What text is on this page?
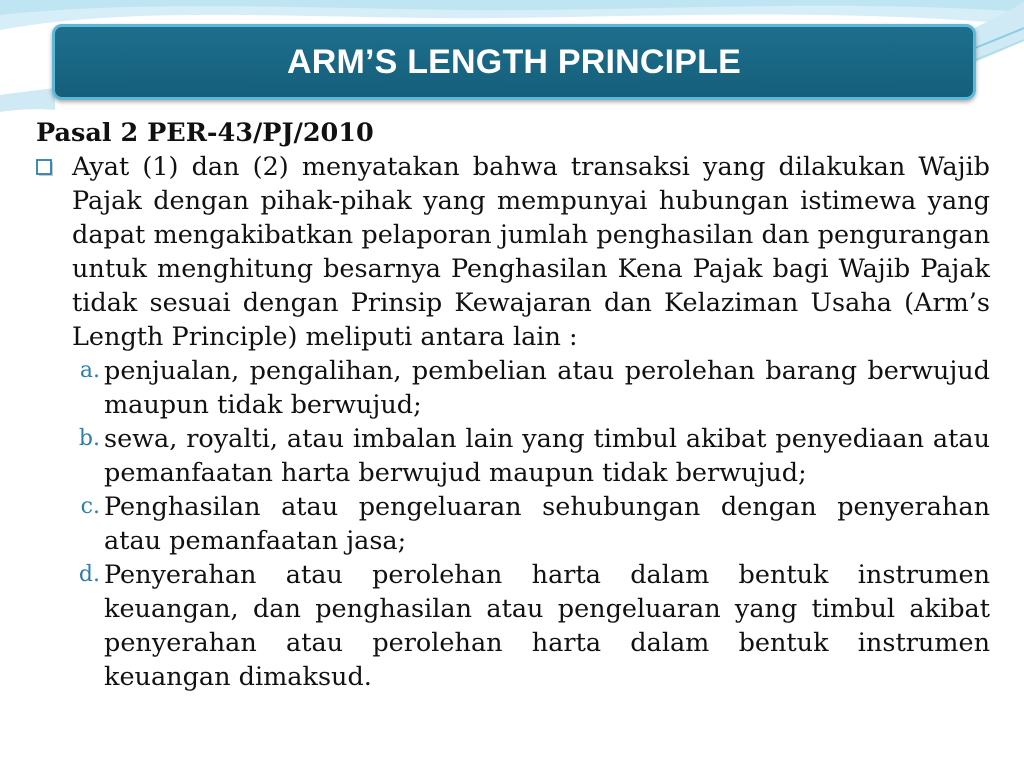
ARM’S LENGTH PRINCIPLE

Pasal 2 PER-43/PJ/2010

Ayat (1) dan (2) menyatakan bahwa transaksi yang dilakukan Wajib Pajak dengan pihak-pihak yang mempunyai hubungan istimewa yang dapat mengakibatkan pelaporan jumlah penghasilan dan pengurangan untuk menghitung besarnya Penghasilan Kena Pajak bagi Wajib Pajak tidak sesuai dengan Prinsip Kewajaran dan Kelaziman Usaha (Arm’s Length Principle) meliputi antara lain :
a. penjualan, pengalihan, pembelian atau perolehan barang berwujud maupun tidak berwujud;
b. sewa, royalti, atau imbalan lain yang timbul akibat penyediaan atau pemanfaatan harta berwujud maupun tidak berwujud;
c. Penghasilan atau pengeluaran sehubungan dengan penyerahan atau pemanfaatan jasa;
d. Penyerahan atau perolehan harta dalam bentuk instrumen keuangan, dan penghasilan atau pengeluaran yang timbul akibat penyerahan atau perolehan harta dalam bentuk instrumen keuangan dimaksud.
